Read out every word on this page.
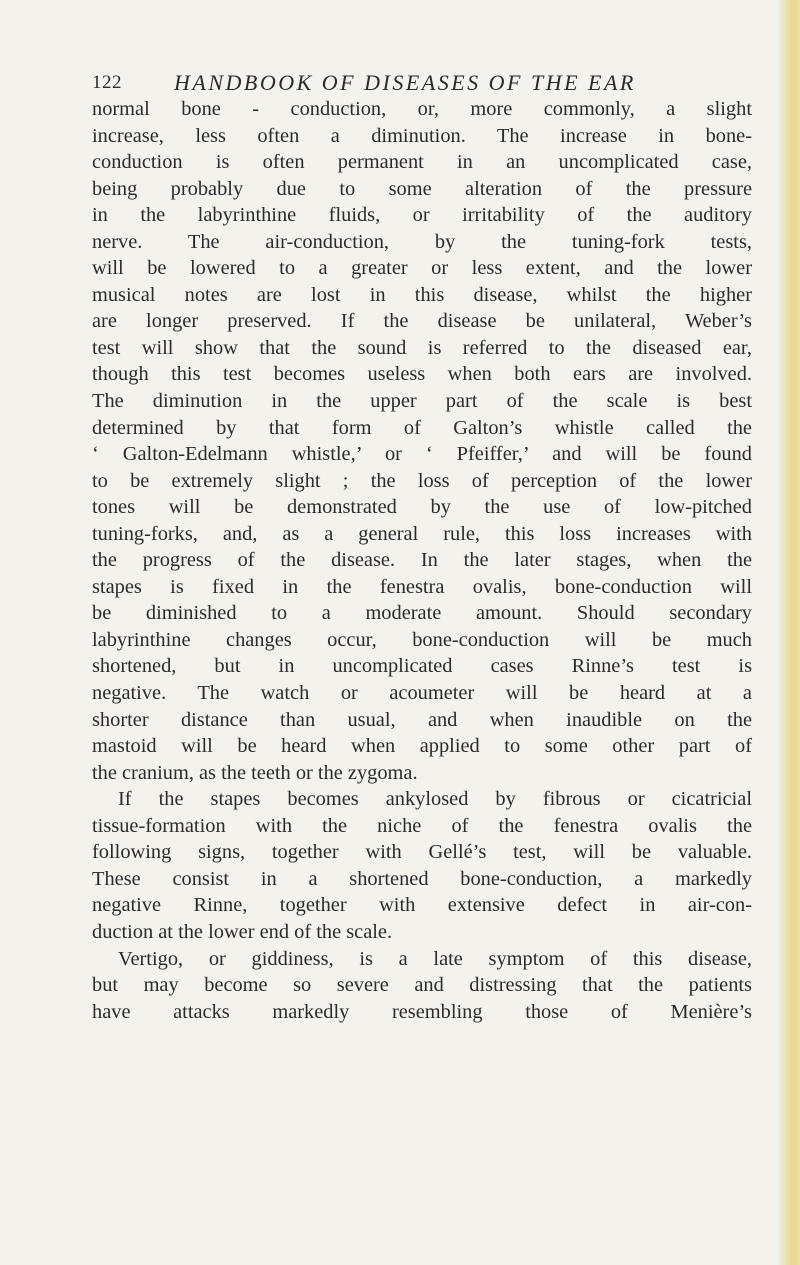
122 HANDBOOK OF DISEASES OF THE EAR
normal bone - conduction, or, more commonly, a slight
increase, less often a diminution. The increase in bone-
conduction is often permanent in an uncomplicated case,
being probably due to some alteration of the pressure
in the labyrinthine fluids, or irritability of the auditory
nerve. The air-conduction, by the tuning-fork tests,
will be lowered to a greater or less extent, and the lower
musical notes are lost in this disease, whilst the higher
are longer preserved. If the disease be unilateral, Weber’s
test will show that the sound is referred to the diseased ear,
though this test becomes useless when both ears are involved.
The diminution in the upper part of the scale is best
determined by that form of Galton’s whistle called the
‘ Galton-Edelmann whistle,’ or ‘ Pfeiffer,’ and will be found
to be extremely slight ; the loss of perception of the lower
tones will be demonstrated by the use of low-pitched
tuning-forks, and, as a general rule, this loss increases with
the progress of the disease. In the later stages, when the
stapes is fixed in the fenestra ovalis, bone-conduction will
be diminished to a moderate amount. Should secondary
labyrinthine changes occur, bone-conduction will be much
shortened, but in uncomplicated cases Rinne’s test is
negative. The watch or acoumeter will be heard at a
shorter distance than usual, and when inaudible on the
mastoid will be heard when applied to some other part of
the cranium, as the teeth or the zygoma.
If the stapes becomes ankylosed by fibrous or cicatricial
tissue-formation with the niche of the fenestra ovalis the
following signs, together with Gellé’s test, will be valuable.
These consist in a shortened bone-conduction, a markedly
negative Rinne, together with extensive defect in air-con-
duction at the lower end of the scale.
Vertigo, or giddiness, is a late symptom of this disease,
but may become so severe and distressing that the patients
have attacks markedly resembling those of Menière’s
